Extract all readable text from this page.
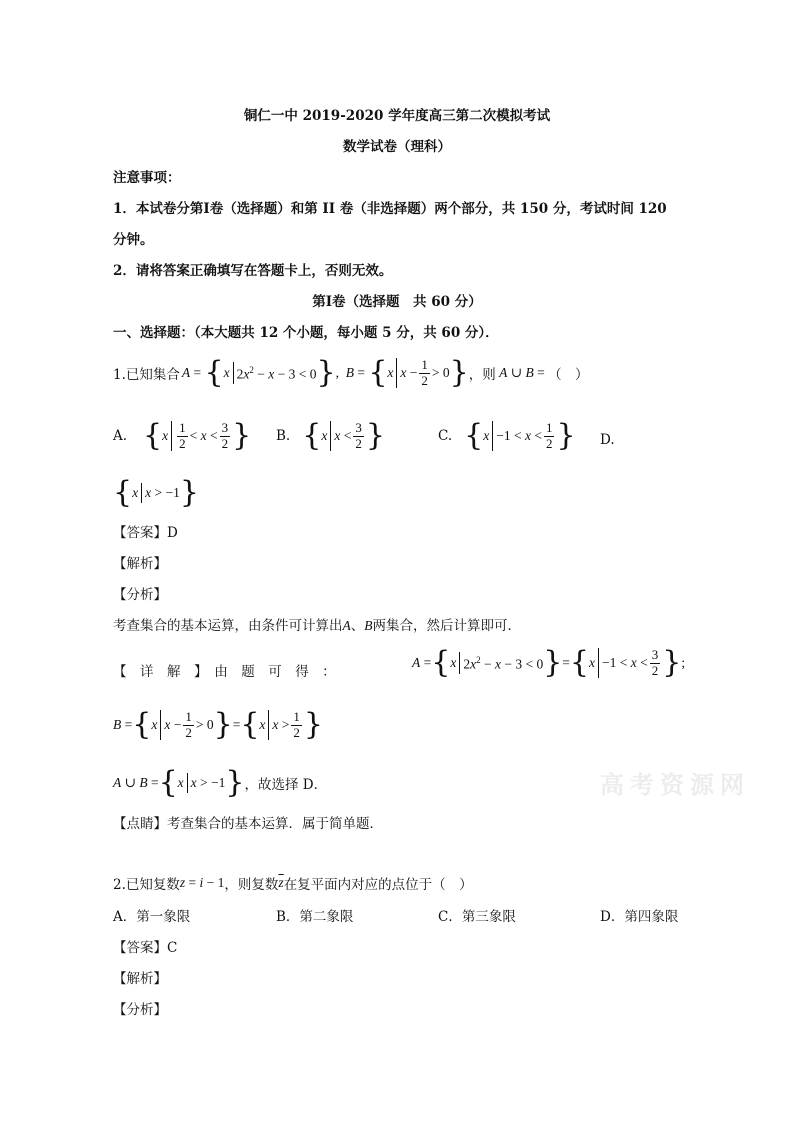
铜仁一中 2019-2020 学年度高三第二次模拟考试
数学试卷（理科）
注意事项：
1．本试卷分第Ⅰ卷（选择题）和第 II 卷（非选择题）两个部分，共 150 分，考试时间 120
分钟。
2．请将答案正确填写在答题卡上，否则无效。
第Ⅰ卷（选择题　共 60 分）
一、选择题：（本大题共 12 个小题，每小题 5 分，共 60 分）．
1.已知集合 A = { x $2x^2 - x - 3 < 0$ } , B = { x $x - \frac{1}{2} > 0$ } ，则 A ∪ B = （　）
A. { x $\frac{1}{2} < x < \frac{3}{2}$ } B. { x $x < \frac{3}{2}$ }	C. { $x -1 < x < \frac{1}{2}$ } D.
{ x x > −1 }
【答案】D
【解析】
【分析】
考查集合的基本运算，由条件可计算出A、B两集合，然后计算即可．
【　详　解　】　由　题　可　得　：
A = { x $2x^2 - x - 3 < 0$ } = { $x -1 < x < \frac{3}{2}$ } ;
B = { x $x - \frac{1}{2} > 0$ } = { x $x > \frac{1}{2}$ }
A ∪ B = { x x > −1 } ，故选择 D．	高考资源网
【点睛】考查集合的基本运算．属于简单题．
2.已知复数 z = i − 1 ，则复数 $\overline{z}$ 在复平面内对应的点位于（　）
A．第一象限	B．第二象限	C．第三象限	D．第四象限
【答案】C
【解析】
【分析】
